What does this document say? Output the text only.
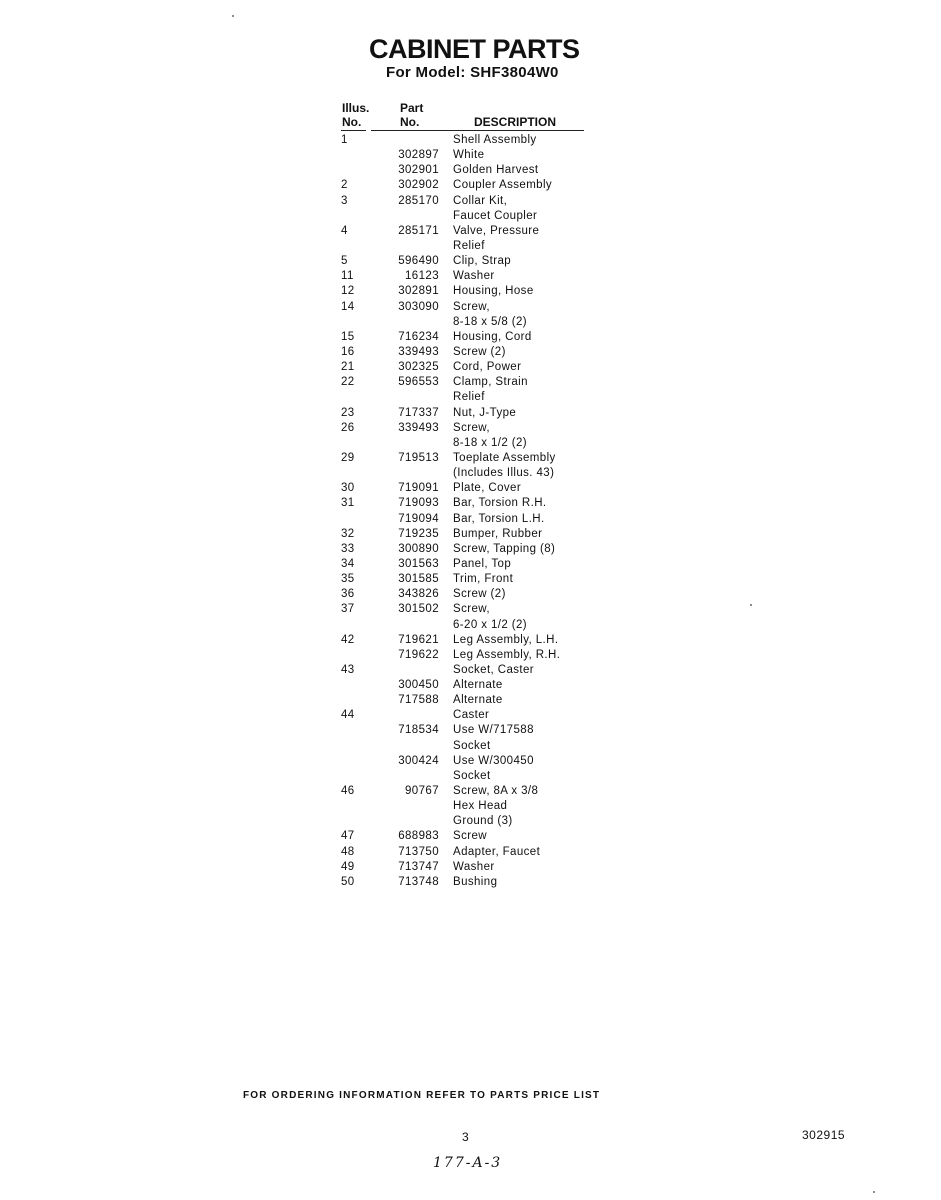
CABINET PARTS
For Model: SHF3804W0
Illus.
No.
Part
No.	DESCRIPTION
1	Shell Assembly
302897 White
302901 Golden Harvest
2	302902 Coupler Assembly
3	285170 Collar Kit,
Faucet Coupler
4	285171 Valve, Pressure
Relief
5	596490 Clip, Strap
11	16123 Washer
12	302891 Housing, Hose
14	303090 Screw,
8-18 x 5/8 (2)
15	716234 Housing, Cord
16	339493 Screw (2)
21	302325 Cord, Power
22	596553 Clamp, Strain
Relief
23	717337 Nut, J-Type
26	339493 Screw,
8-18 x 1/2 (2)
29	719513 Toeplate Assembly
(Includes Illus. 43)
30	719091 Plate, Cover
31	719093 Bar, Torsion R.H.
719094 Bar, Torsion L.H.
32	719235 Bumper, Rubber
33	300890 Screw, Tapping (8)
34	301563 Panel, Top
35	301585 Trim, Front
36	343826 Screw (2)
37	301502 Screw,
6-20 x 1/2 (2)
42	719621 Leg Assembly, L.H.
719622 Leg Assembly, R.H.
43	Socket, Caster
300450 Alternate
717588 Alternate
44	Caster
718534 Use W/717588
Socket
300424 Use W/300450
Socket
46	90767 Screw, 8A x 3/8
Hex Head
Ground (3)
47	688983 Screw
48	713750 Adapter, Faucet
49	713747 Washer
50	713748 Bushing
FOR ORDERING INFORMATION REFER TO PARTS PRICE LIST
3	302915
177-A-3
